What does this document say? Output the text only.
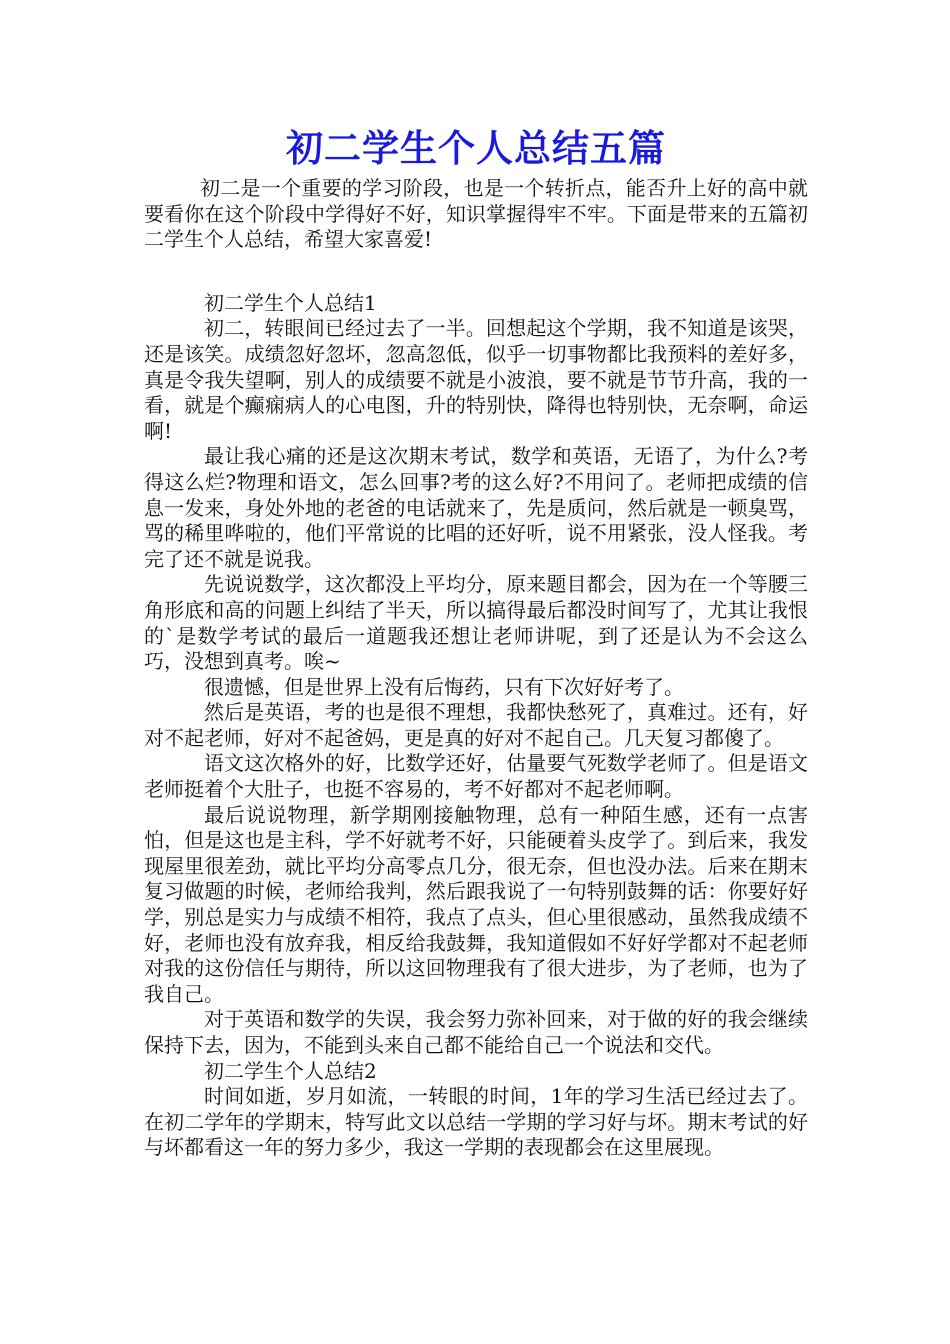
初二学生个人总结五篇

初二是一个重要的学习阶段，也是一个转折点，能否升上好的高中就要看你在这个阶段中学得好不好，知识掌握得牢不牢。下面是带来的五篇初二学生个人总结，希望大家喜爱!

初二学生个人总结1

初二，转眼间已经过去了一半。回想起这个学期，我不知道是该哭，还是该笑。成绩忽好忽坏，忽高忽低，似乎一切事物都比我预料的差好多，真是令我失望啊，别人的成绩要不就是小波浪，要不就是节节升高，我的一看，就是个癫痫病人的心电图，升的特别快，降得也特别快，无奈啊，命运啊!

最让我心痛的还是这次期末考试，数学和英语，无语了，为什么?考得这么烂?物理和语文，怎么回事?考的这么好?不用问了。老师把成绩的信息一发来，身处外地的老爸的电话就来了，先是质问，然后就是一顿臭骂，骂的稀里哗啦的，他们平常说的比唱的还好听，说不用紧张，没人怪我。考完了还不就是说我。

先说说数学，这次都没上平均分，原来题目都会，因为在一个等腰三角形底和高的问题上纠结了半天，所以搞得最后都没时间写了，尤其让我恨的`是数学考试的最后一道题我还想让老师讲呢，到了还是认为不会这么巧，没想到真考。唉~

很遗憾，但是世界上没有后悔药，只有下次好好考了。

然后是英语，考的也是很不理想，我都快愁死了，真难过。还有，好对不起老师，好对不起爸妈，更是真的好对不起自己。几天复习都傻了。

语文这次格外的好，比数学还好，估量要气死数学老师了。但是语文老师挺着个大肚子，也挺不容易的，考不好都对不起老师啊。

最后说说物理，新学期刚接触物理，总有一种陌生感，还有一点害怕，但是这也是主科，学不好就考不好，只能硬着头皮学了。到后来，我发现屋里很差劲，就比平均分高零点几分，很无奈，但也没办法。后来在期末复习做题的时候，老师给我判，然后跟我说了一句特别鼓舞的话：你要好好学，别总是实力与成绩不相符，我点了点头，但心里很感动，虽然我成绩不好，老师也没有放弃我，相反给我鼓舞，我知道假如不好好学都对不起老师对我的这份信任与期待，所以这回物理我有了很大进步，为了老师，也为了我自己。

对于英语和数学的失误，我会努力弥补回来，对于做的好的我会继续保持下去，因为，不能到头来自己都不能给自己一个说法和交代。

初二学生个人总结2

时间如逝，岁月如流，一转眼的时间，1年的学习生活已经过去了。在初二学年的学期末，特写此文以总结一学期的学习好与坏。期末考试的好与坏都看这一年的努力多少，我这一学期的表现都会在这里展现。
